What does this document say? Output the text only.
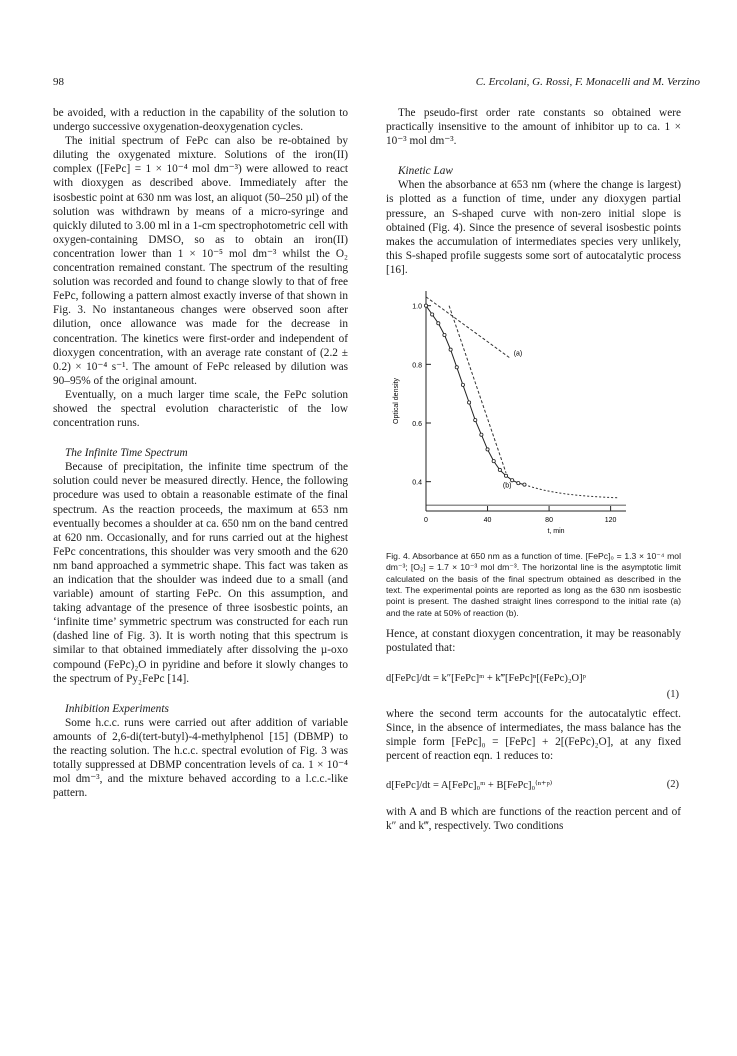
98	C. Ercolani, G. Rossi, F. Monacelli and M. Verzino

be avoided, with a reduction in the capability of the solution to undergo successive oxygenation-deoxygenation cycles.

The initial spectrum of FePc can also be re-obtained by diluting the oxygenated mixture. Solutions of the iron(II) complex ([FePc] = 1 × 10⁻⁴ mol dm⁻³) were allowed to react with dioxygen as described above. Immediately after the isosbestic point at 630 nm was lost, an aliquot (50–250 µl) of the solution was withdrawn by means of a micro-syringe and quickly diluted to 3.00 ml in a 1-cm spectrophotometric cell with oxygen-containing DMSO, so as to obtain an iron(II) concentration lower than 1 × 10⁻⁵ mol dm⁻³ whilst the O₂ concentration remained constant. The spectrum of the resulting solution was recorded and found to change slowly to that of free FePc, following a pattern almost exactly inverse of that shown in Fig. 3. No instantaneous changes were observed soon after dilution, once allowance was made for the decrease in concentration. The kinetics were first-order and independent of dioxygen concentration, with an average rate constant of (2.2 ± 0.2) × 10⁻⁴ s⁻¹. The amount of FePc released by dilution was 90–95% of the original amount.

Eventually, on a much larger time scale, the FePc solution showed the spectral evolution characteristic of the low concentration runs.

The Infinite Time Spectrum

Because of precipitation, the infinite time spectrum of the solution could never be measured directly. Hence, the following procedure was used to obtain a reasonable estimate of the final spectrum. As the reaction proceeds, the maximum at 653 nm eventually becomes a shoulder at ca. 650 nm on the band centred at 620 nm. Occasionally, and for runs carried out at the highest FePc concentrations, this shoulder was very smooth and the 620 nm band approached a symmetric shape. This fact was taken as an indication that the shoulder was indeed due to a small (and variable) amount of starting FePc. On this assumption, and taking advantage of the presence of three isosbestic points, an ‘infinite time’ symmetric spectrum was constructed for each run (dashed line of Fig. 3). It is worth noting that this spectrum is similar to that obtained immediately after dissolving the µ-oxo compound (FePc)₂O in pyridine and before it slowly changes to the spectrum of Py₂FePc [14].

Inhibition Experiments

Some h.c.c. runs were carried out after addition of variable amounts of 2,6-di(tert-butyl)-4-methylphenol [15] (DBMP) to the reacting solution. The h.c.c. spectral evolution of Fig. 3 was totally suppressed at DBMP concentration levels of ca. 1 × 10⁻⁴ mol dm⁻³, and the mixture behaved according to a l.c.c.-like pattern.

The pseudo-first order rate constants so obtained were practically insensitive to the amount of inhibitor up to ca. 1 × 10⁻³ mol dm⁻³.

Kinetic Law

When the absorbance at 653 nm (where the change is largest) is plotted as a function of time, under any dioxygen partial pressure, an S-shaped curve with non-zero initial slope is obtained (Fig. 4). Since the presence of several isosbestic points makes the accumulation of intermediates species very unlikely, this S-shaped profile suggests some sort of autocatalytic process [16].

0.4
0.6
0.8
1.0
0	40	80	120
t, min
Optical density
(a)
(b)

Fig. 4. Absorbance at 650 nm as a function of time. [FePc]₀ = 1.3 × 10⁻⁴ mol dm⁻³; [O₂] = 1.7 × 10⁻³ mol dm⁻³. The horizontal line is the asymptotic limit calculated on the basis of the final spectrum obtained as described in the text. The experimental points are reported as long as the 630 nm isosbestic point is present. The dashed straight lines correspond to the initial rate (a) and the rate at 50% of reaction (b).

Hence, at constant dioxygen concentration, it may be reasonably postulated that:

d[FePc]/dt = k″[FePc]ᵐ + k‴[FePc]ⁿ[(FePc)₂O]ᵖ
(1)

where the second term accounts for the autocatalytic effect. Since, in the absence of intermediates, the mass balance has the simple form [FePc]₀ = [FePc] + 2[(FePc)₂O], at any fixed percent of reaction eqn. 1 reduces to:

d[FePc]/dt = A[FePc]₀ᵐ + B[FePc]₀⁽ⁿ⁺ᵖ⁾	(2)

with A and B which are functions of the reaction percent and of k″ and k‴, respectively. Two conditions
